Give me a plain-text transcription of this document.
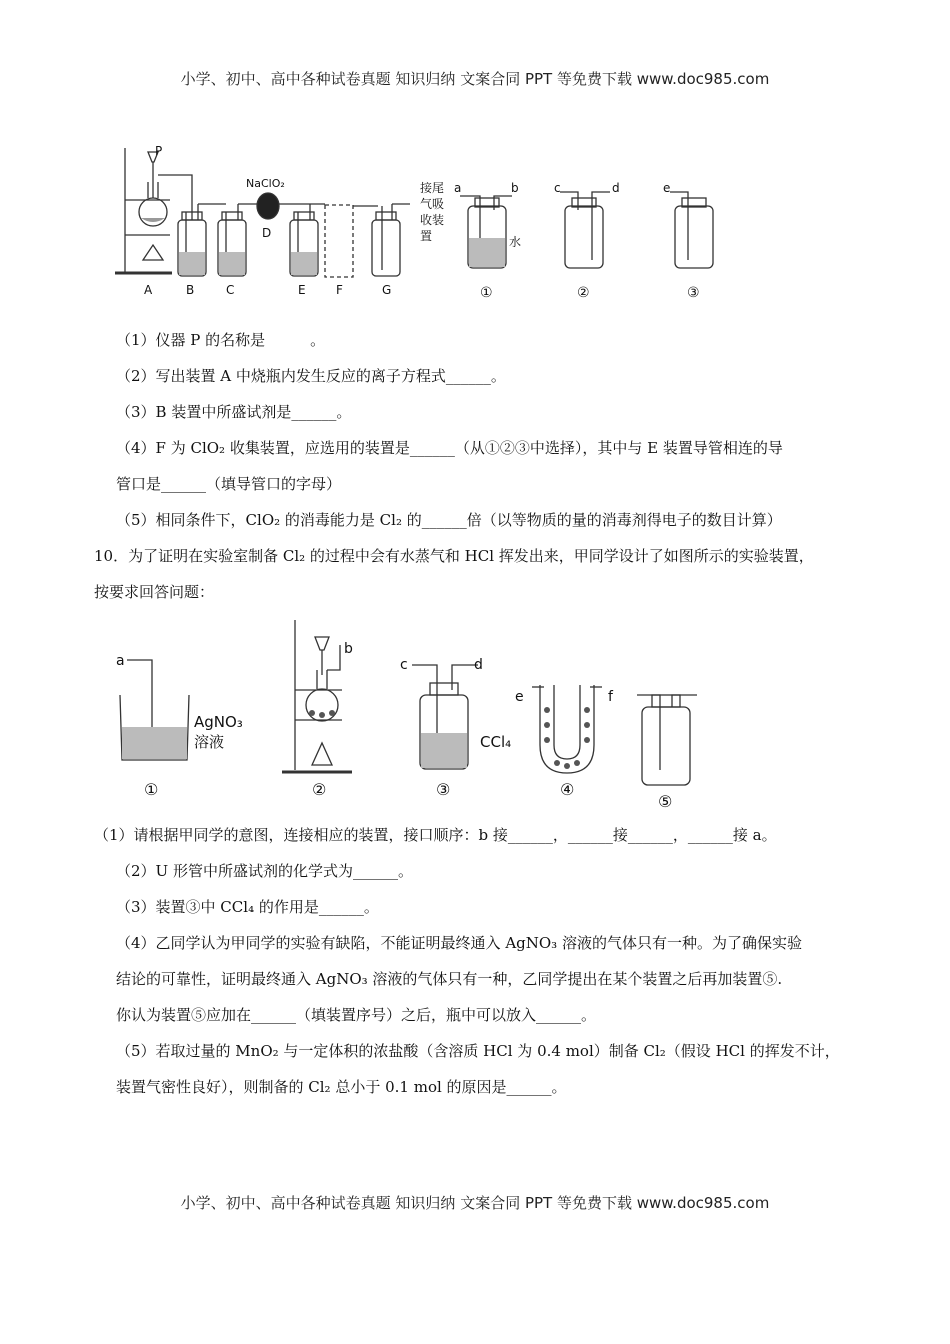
小学、初中、高中各种试卷真题 知识归纳 文案合同 PPT 等免费下载 www.doc985.com
P
A	B	C
NaClO₂
D
E	F	G
接尾
气吸
收装
置	水
a	b	c	d	e
①	②	③
（1）仪器 P 的名称是　　　。
（2）写出装置 A 中烧瓶内发生反应的离子方程式______。
（3）B 装置中所盛试剂是______。
（4）F 为 ClO₂ 收集装置，应选用的装置是______（从①②③中选择），其中与 E 装置导管相连的导
管口是______（填导管口的字母）
（5）相同条件下，ClO₂ 的消毒能力是 Cl₂ 的______倍（以等物质的量的消毒剂得电子的数目计算）
10．为了证明在实验室制备 Cl₂ 的过程中会有水蒸气和 HCl 挥发出来，甲同学设计了如图所示的实验装置，
按要求回答问题：
a
b
c	d
e	f
AgNO₃
溶液	CCl₄
①	②	③	④
⑤
（1）请根据甲同学的意图，连接相应的装置，接口顺序：b 接______，______接______，______接 a。
（2）U 形管中所盛试剂的化学式为______。
（3）装置③中 CCl₄ 的作用是______。
（4）乙同学认为甲同学的实验有缺陷，不能证明最终通入 AgNO₃ 溶液的气体只有一种。为了确保实验
结论的可靠性，证明最终通入 AgNO₃ 溶液的气体只有一种，乙同学提出在某个装置之后再加装置⑤.
你认为装置⑤应加在______（填装置序号）之后，瓶中可以放入______。
（5）若取过量的 MnO₂ 与一定体积的浓盐酸（含溶质 HCl 为 0.4 mol）制备 Cl₂（假设 HCl 的挥发不计，
装置气密性良好），则制备的 Cl₂ 总小于 0.1 mol 的原因是______。
小学、初中、高中各种试卷真题 知识归纳 文案合同 PPT 等免费下载 www.doc985.com
